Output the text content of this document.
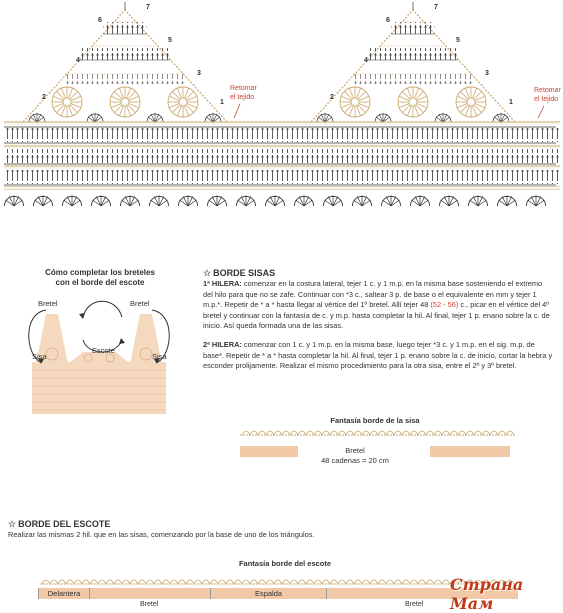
7
6
5
4
3
2
1
Retomar
el tejido
7
6
5
4
3
2
1
Retomar
el tejido
Cómo completar los breteles
con el borde del escote
Bretel	Bretel
Sisa	Sisa
Escote

☆ BORDE SISAS

1ª HILERA: comenzar en la costura lateral, tejer 1 c. y 1 m.p. en la misma base sosteniendo el extremo del hilo para que no se zafe. Continuar con *3 c., saltear 3 p. de base o el equivalente en mm y tejer 1 m.p.*. Repetir de * a * hasta llegar al vértice del 1º bretel. Allí tejer 48 (52 - 56) c., picar en el vértice del 4º bretel y continuar con la fantasía de c. y m.p. hasta completar la hil. Al final, tejer 1 p. enano sobre la c. de inicio. Así queda formada una de las sisas.

2ª HILERA: comenzar con 1 c. y 1 m.p. en la misma base, luego tejer *3 c. y 1 m.p. en el sig. m.p. de base*. Repetir de * a * hasta completar la hil. Al final, tejer 1 p. enano sobre la c. de inicio, cortar la hebra y esconder prolijamente. Realizar el mismo procedimiento para la otra sisa, entre el 2º y 3º bretel.

Fantasía borde de la sisa
Bretel
48 cadenas = 20 cm

☆ BORDE DEL ESCOTE

Realizar las mismas 2 hil. que en las sisas, comenzando por la base de uno de los triángulos.

Fantasía borde del escote
Delantera	Espalda
Bretel	Bretel
Страна Мам
